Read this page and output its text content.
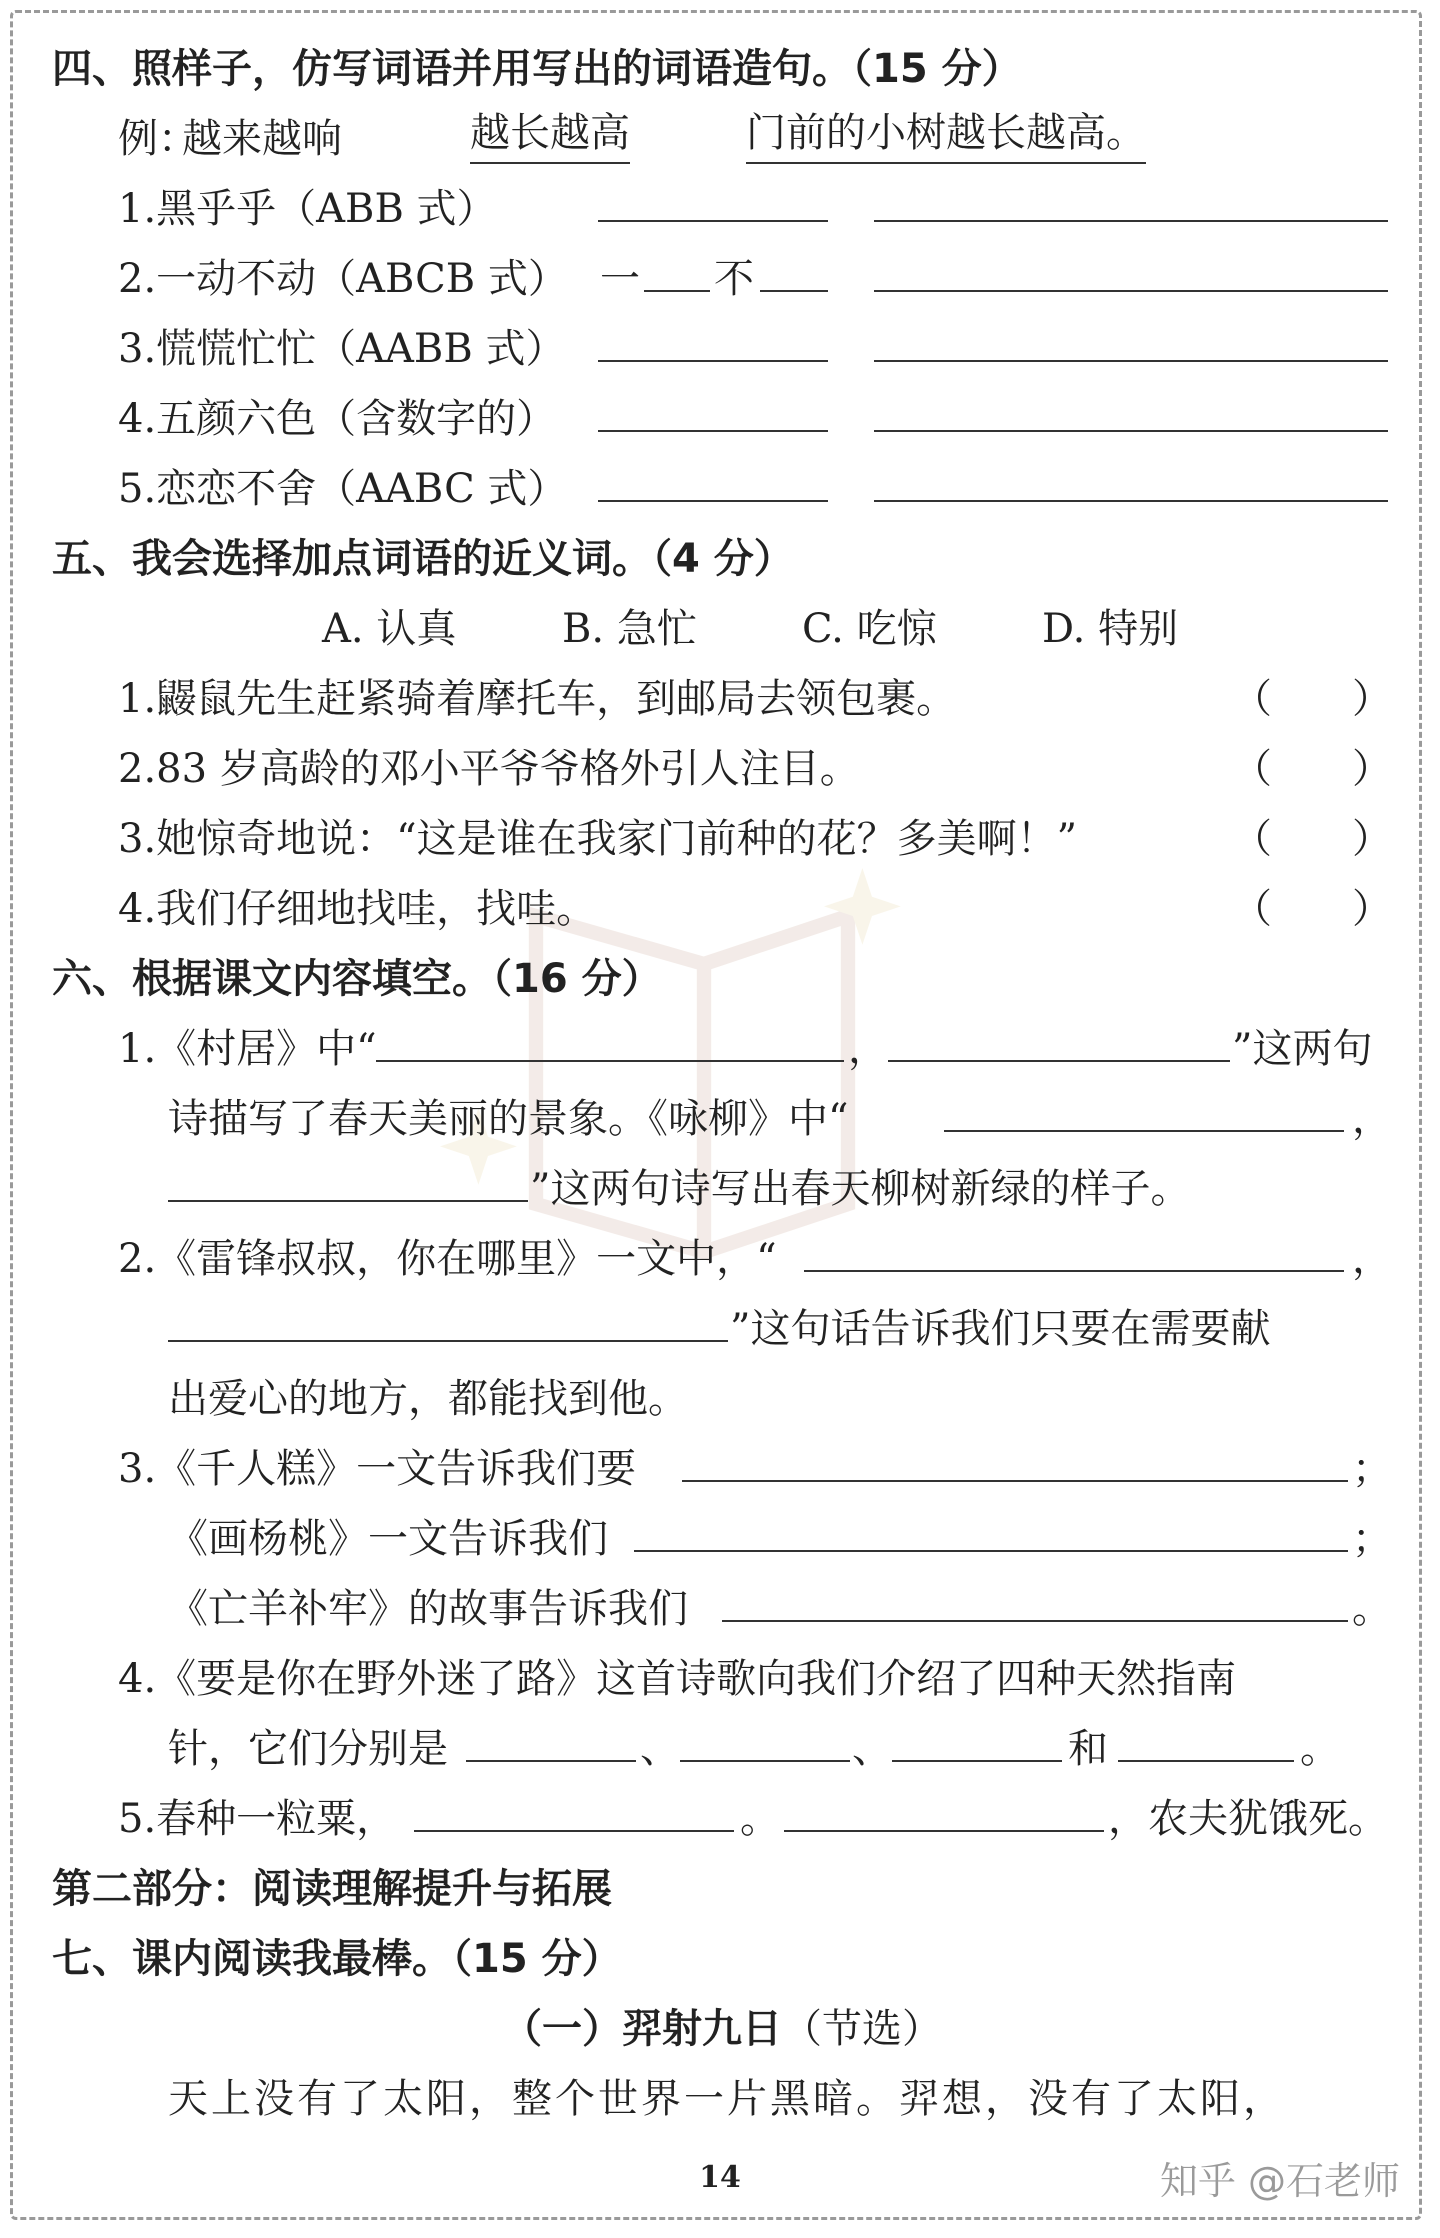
四、照样子，仿写词语并用写出的词语造句。（15 分）
例：
越来越响	越长越高	门前的小树越长越高。
1.黑乎乎（ABB 式）
2.一动不动（ABCB 式） 一 不
3.慌慌忙忙（AABB 式）
4.五颜六色（含数字的）
5.恋恋不舍（AABC 式）
五、我会选择加点词语的近义词。（4 分）
A. 认真	B. 急忙	C. 吃惊	D. 特别
1.鼹鼠先生赶紧骑着摩托车，到邮局去领包裹。	（　　）
2.83 岁高龄的邓小平爷爷格外引人注目。	（　　）
3.她惊奇地说：“这是谁在我家门前种的花？多美啊！”	（　　）
4.我们仔细地找哇，找哇。	（　　）
六、根据课文内容填空。（16 分）
1.《村居》中“	，	”这两句
诗描写了春天美丽的景象。《咏柳》中“	，
”这两句诗写出春天柳树新绿的样子。
2.《雷锋叔叔，你在哪里》一文中，“	，
”这句话告诉我们只要在需要献
出爱心的地方，都能找到他。
3.《千人糕》一文告诉我们要	；
《画杨桃》一文告诉我们	；
《亡羊补牢》的故事告诉我们	。
4.《要是你在野外迷了路》这首诗歌向我们介绍了四种天然指南
针，它们分别是	、	、	和	。
5.春种一粒粟，	。	，农夫犹饿死。
第二部分：阅读理解提升与拓展
七、课内阅读我最棒。（15 分）
（一）羿射九日（节选）
天上没有了太阳，整个世界一片黑暗。羿想，没有了太阳，
14	知乎 @石老师
